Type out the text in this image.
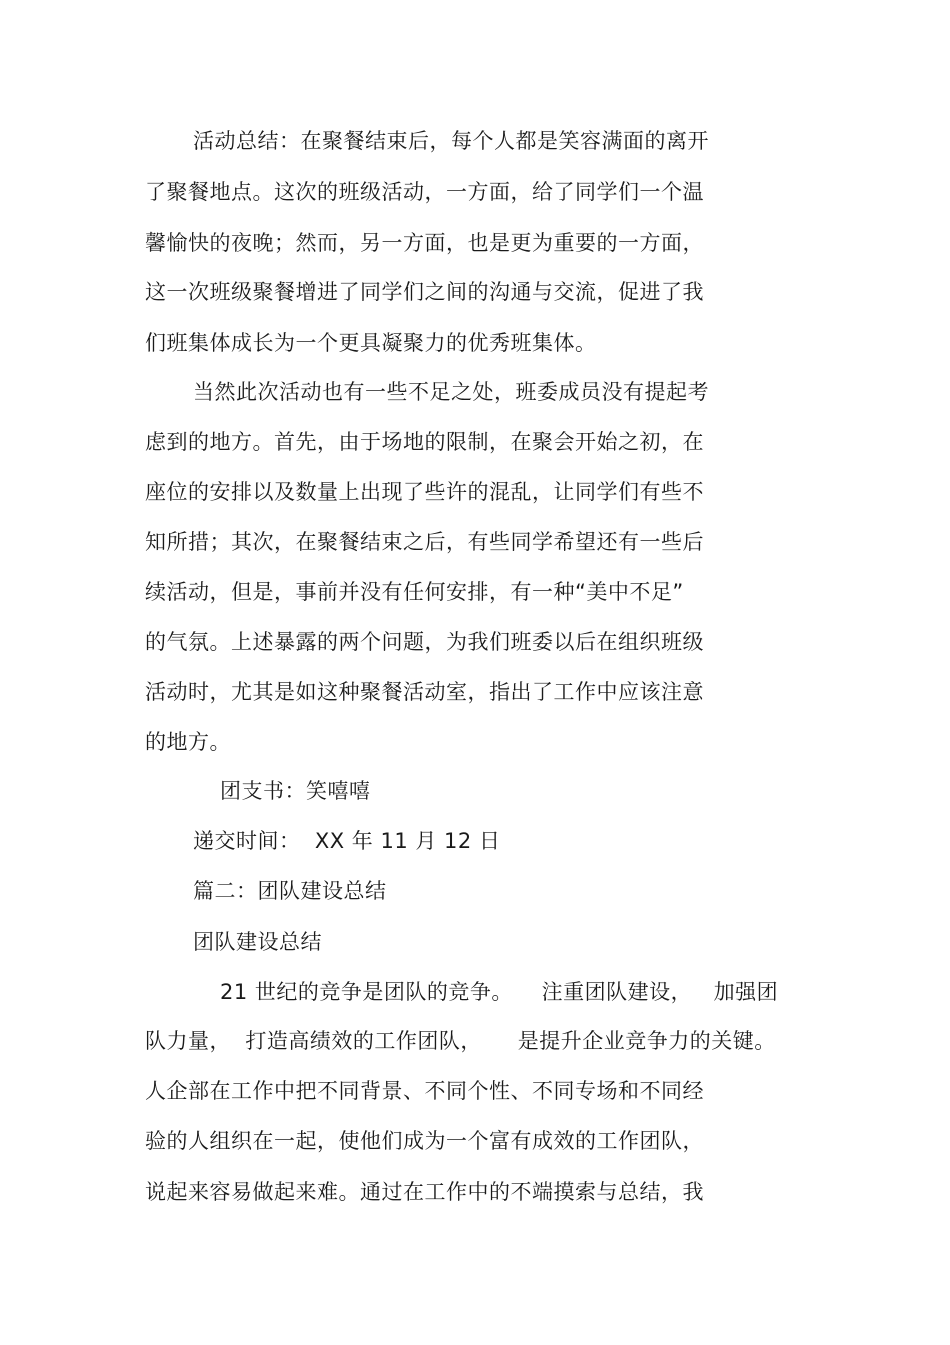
活动总结：在聚餐结束后，每个人都是笑容满面的离开
了聚餐地点。这次的班级活动，一方面，给了同学们一个温
馨愉快的夜晚；然而，另一方面，也是更为重要的一方面，
这一次班级聚餐增进了同学们之间的沟通与交流，促进了我
们班集体成长为一个更具凝聚力的优秀班集体。
当然此次活动也有一些不足之处，班委成员没有提起考
虑到的地方。首先，由于场地的限制，在聚会开始之初，在
座位的安排以及数量上出现了些许的混乱，让同学们有些不
知所措；其次，在聚餐结束之后，有些同学希望还有一些后
续活动，但是，事前并没有任何安排，有一种“美中不足”
的气氛。上述暴露的两个问题，为我们班委以后在组织班级
活动时，尤其是如这种聚餐活动室，指出了工作中应该注意
的地方。
团支书：笑嘻嘻
递交时间：  XX 年 11 月 12 日
篇二：团队建设总结
团队建设总结
21 世纪的竞争是团队的竞争。    注重团队建设，   加强团
队力量，  打造高绩效的工作团队，     是提升企业竞争力的关键。
人企部在工作中把不同背景、不同个性、不同专场和不同经
验的人组织在一起，使他们成为一个富有成效的工作团队，
说起来容易做起来难。通过在工作中的不端摸索与总结，我
